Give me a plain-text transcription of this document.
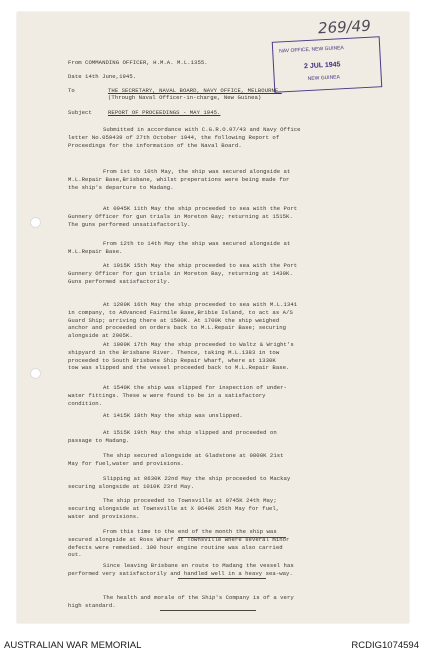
269/49
NAV OFFICE, NEW GUINEA
2 JUL 1945
NEW GUINEA
From COMMANDING OFFICER, H.M.A. M.L.1355.
Date 14th June,1945.
To	THE SECRETARY, NAVAL BOARD, NAVY OFFICE, MELBOURNE.
(Through Naval Officer-in-charge, New Guinea)
Subject	REPORT OF PROCEEDINGS - MAY 1945.
Submitted in accordance with C.G.R.O.97/43 and Navy Office
letter No.059439 of 27th October 1944, the following Report of
Proceedings for the information of the Naval Board.
From 1st to 10th May, the ship was secured alongside at
M.L.Repair Base,Brisbane, whilst preperations were being made for
the ship's departure to Madang.
At 0945K 11th May the ship proceeded to sea with the Port
Gunnery Officer for gun trials in Moreton Bay; returning at 1515K.
The guns performed unsatisfactorily.
From 12th to 14th May the ship was secured alongside at
M.L.Repair Base.
At 1015K 15th May the ship proceeded to sea with the Port
Gunnery Officer for gun trials in Moreton Bay, returning at 1430K.
Guns performed satisfactorily.
At 1200K 16th May the ship proceeded to sea with M.L.1341
in company, to Advanced Fairmile Base,Bribie Island, to act as A/S
Guard Ship; arriving there at 1500K. At 1700K the ship weighed
anchor and proceeded on orders back to M.L.Repair Base; securing
alongside at 2005K.
At 1000K 17th May the ship proceeded to Waltz & Wright's
shipyard in the Brisbane River. Thence, taking M.L.1383 in tow
proceeded to South Brisbane Ship Repair Wharf, where at 1330K
tow was slipped and the vessel proceeded back to M.L.Repair Base.
At 1540K the ship was slipped for inspection of under-
water fittings. These w were found to be in a satisfactory
condition.
At 1415K 18th May the ship was unslipped.
At 1515K 19th May the ship slipped and proceeded on
passage to Madang.
The ship secured alongside at Gladstone at 0800K 21st
May for fuel,water and provisions.
Slipping at 0630K 22nd May the ship proceeded to Mackay
securing alongside at 1010K 23rd May.
The ship proceeded to Townsville at 0745K 24th May;
securing alongside at Townsville at X 0640K 25th May for fuel,
water and provisions.
From this time to the end of the month the ship was
secured alongside at Ross Wharf at Townsville where several minor
defects were remedied. 100 hour engine routine was also carried
out.
Since leaving Brisbane en route to Madang the vessel has
performed very satisfactorily and handled well in a heavy sea-way.
The health and morale of the Ship's Company is of a very
high standard.
AUSTRALIAN WAR MEMORIAL	RCDIG1074594
